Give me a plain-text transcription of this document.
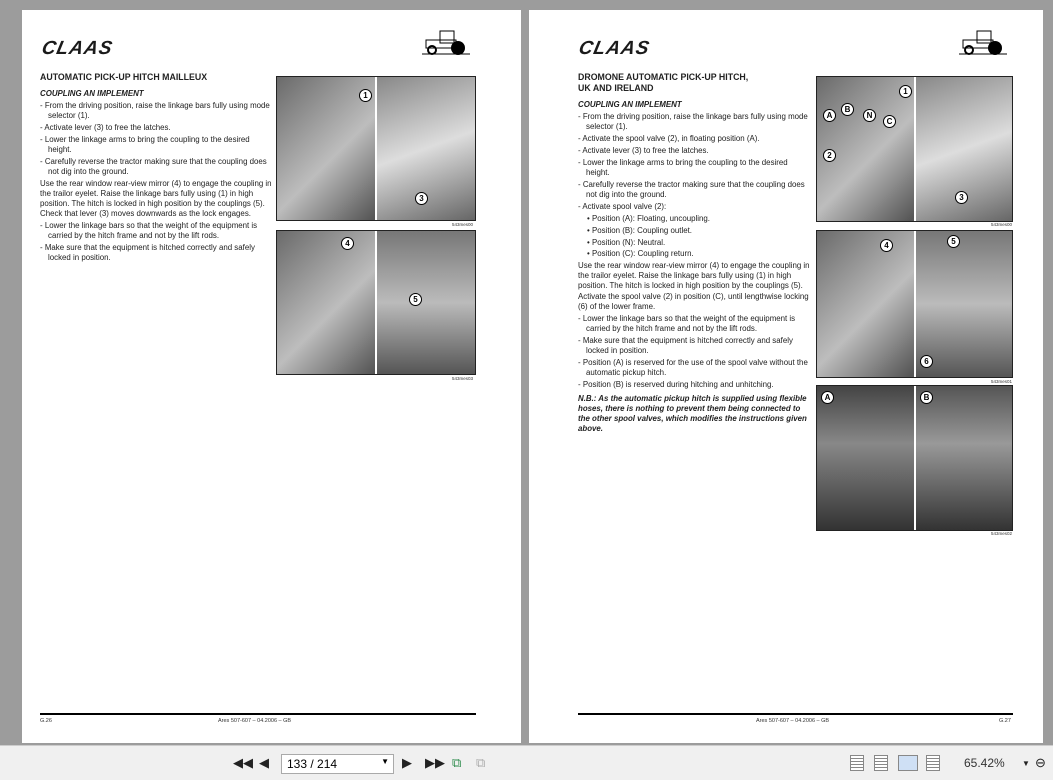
CLAAS
AUTOMATIC PICK-UP HITCH MAILLEUX
COUPLING AN IMPLEMENT
- From the driving position, raise the linkage bars fully using mode selector (1).
- Activate lever (3) to free the latches.
- Lower the linkage arms to bring the coupling to the desired height.
- Carefully reverse the tractor making sure that the coupling does not dig into the ground.
Use the rear window rear-view mirror (4) to engage the coupling in the trailor eyelet. Raise the linkage bars fully using (1) in high position. The hitch is locked in high position by the couplings (5). Check that lever (3) moves downwards as the lock engages.
- Lower the linkage bars so that the weight of the equipment is carried by the hitch frame and not by the lift rods.
- Make sure that the equipment is hitched correctly and safely locked in position.
1
3
543mes00
4
5
543mes03
G.26	Ares 507-607 – 04.2006 – GB
CLAAS
DROMONE AUTOMATIC PICK-UP HITCH,
UK AND IRELAND
COUPLING AN IMPLEMENT
- From the driving position, raise the linkage bars fully using mode selector (1).
- Activate the spool valve (2), in floating position (A).
- Activate lever (3) to free the latches.
- Lower the linkage arms to bring the coupling to the desired height.
- Carefully reverse the tractor making sure that the coupling does not dig into the ground.
- Activate spool valve (2):
• Position (A): Floating, uncoupling.
• Position (B): Coupling outlet.
• Position (N): Neutral.
• Position (C): Coupling return.
Use the rear window rear-view mirror (4) to engage the coupling in the trailor eyelet. Raise the linkage bars fully using (1) in high position. The hitch is locked in high position by the couplings (5). Activate the spool valve (2) in position (C), until lengthwise locking (6) of the lower frame.
- Lower the linkage bars so that the weight of the equipment is carried by the hitch frame and not by the lift rods.
- Make sure that the equipment is hitched correctly and safely locked in position.
- Position (A) is reserved for the use of the spool valve without the automatic pickup hitch.
- Position (B) is reserved during hitching and unhitching.
N.B.: As the automatic pickup hitch is supplied using flexible hoses, there is nothing to prevent them being connected to the other spool valves, which modifies the instructions given above.
1
A
B
N
C
2
3
543mes00
4	5
6
543mes01
A	B
543mes02
Ares 507-607 – 04.2006 – GB	G.27
◀◀ ◀	133 / 214	▼ ▶ ▶▶ ⧉ ⧉	65.42% ▼ ⊖
